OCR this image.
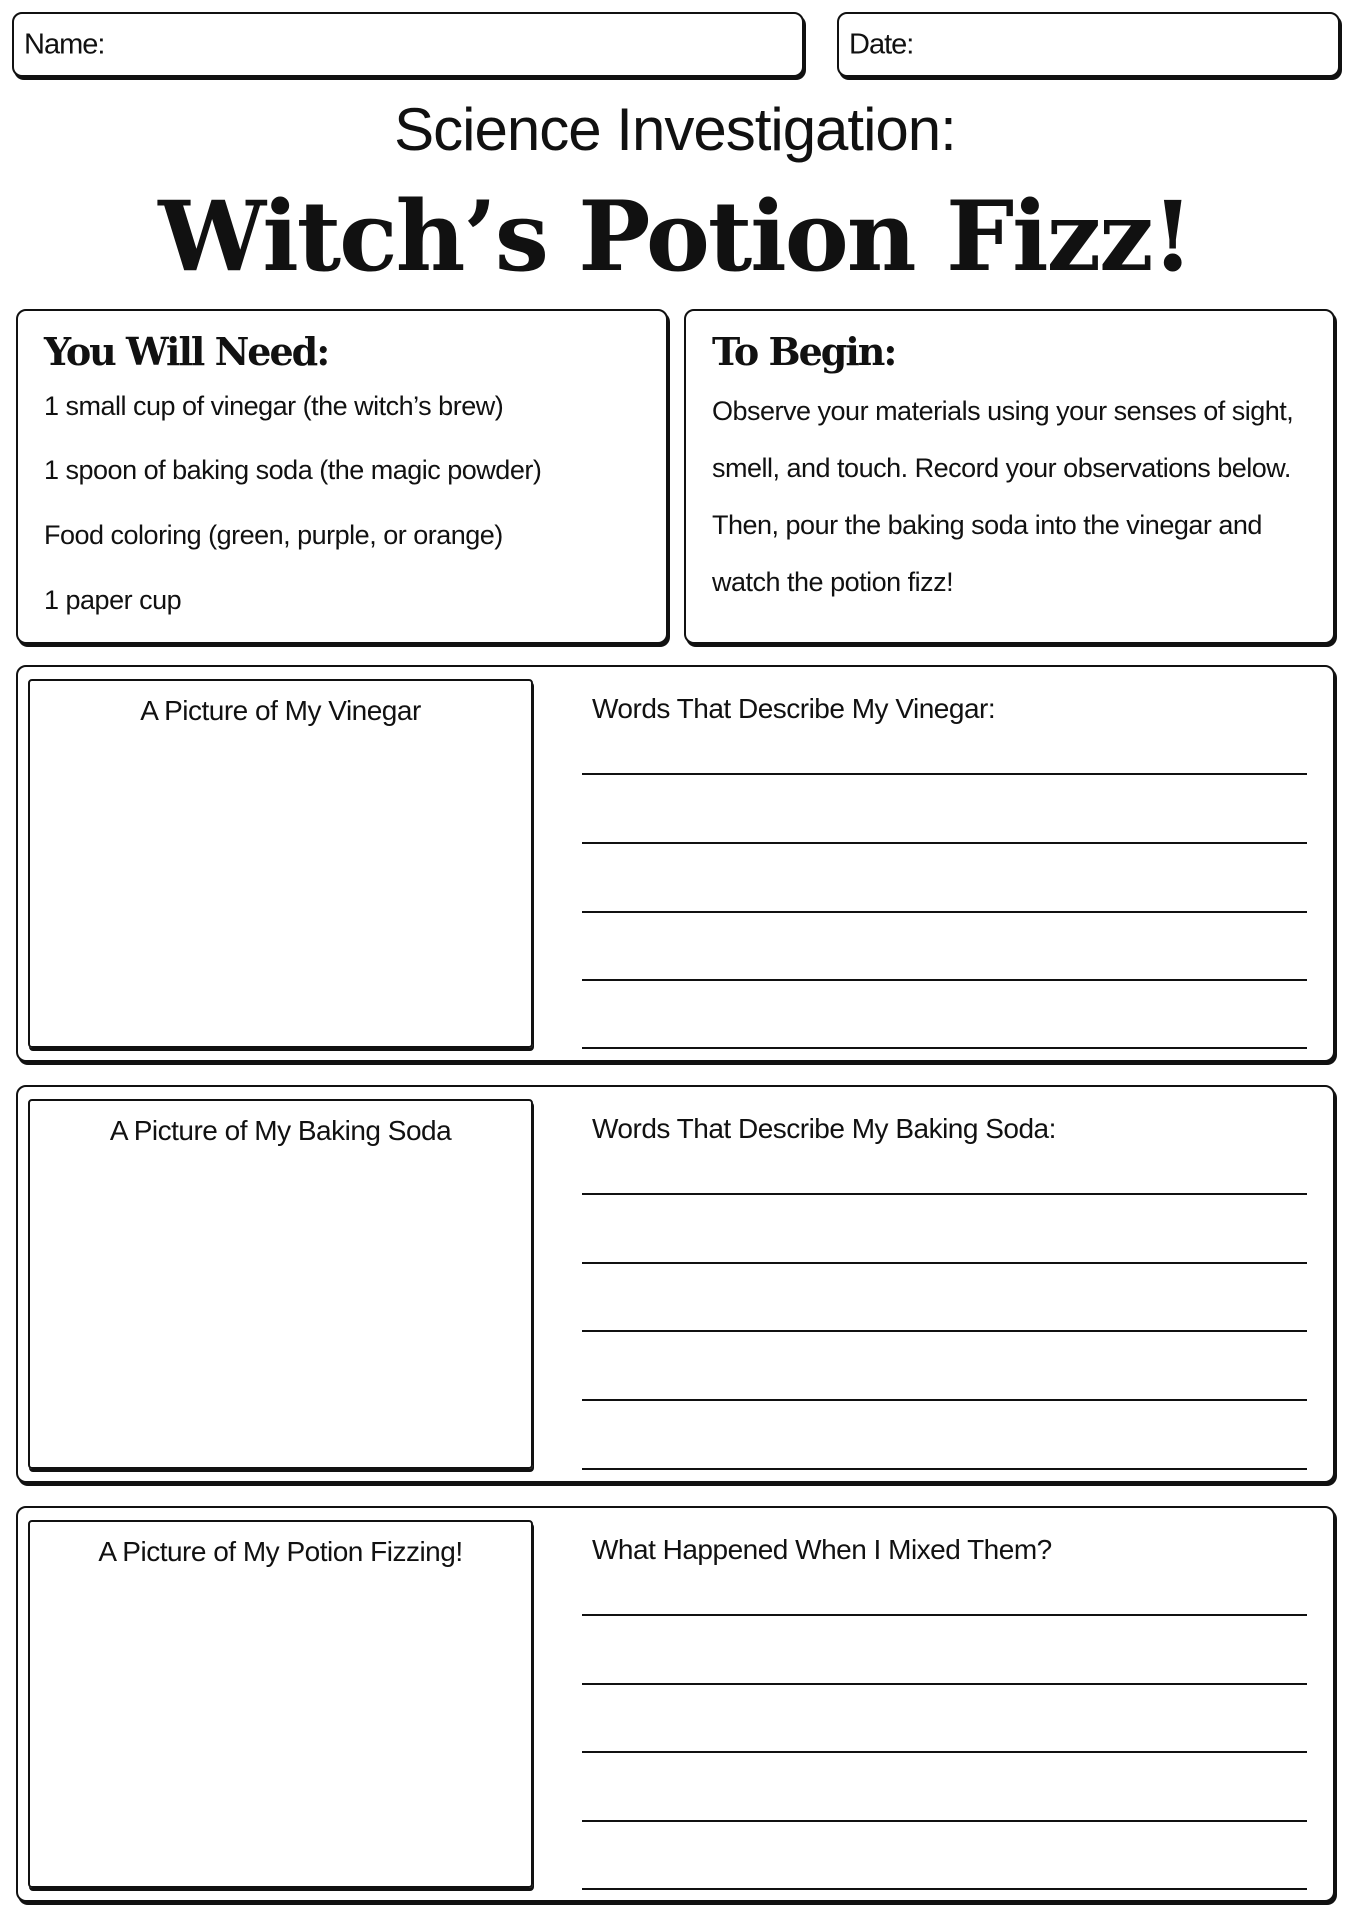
Name:	Date:
Science Investigation:
Witch’s Potion Fizz!
You Will Need:
1 small cup of vinegar (the witch’s brew)
1 spoon of baking soda (the magic powder)
Food coloring (green, purple, or orange)
1 paper cup
To Begin:
Observe your materials using your senses of sight, smell, and touch. Record your observations below. Then, pour the baking soda into the vinegar and watch the potion fizz!
A Picture of My Vinegar	Words That Describe My Vinegar:
A Picture of My Baking Soda	Words That Describe My Baking Soda:
A Picture of My Potion Fizzing!	What Happened When I Mixed Them?
